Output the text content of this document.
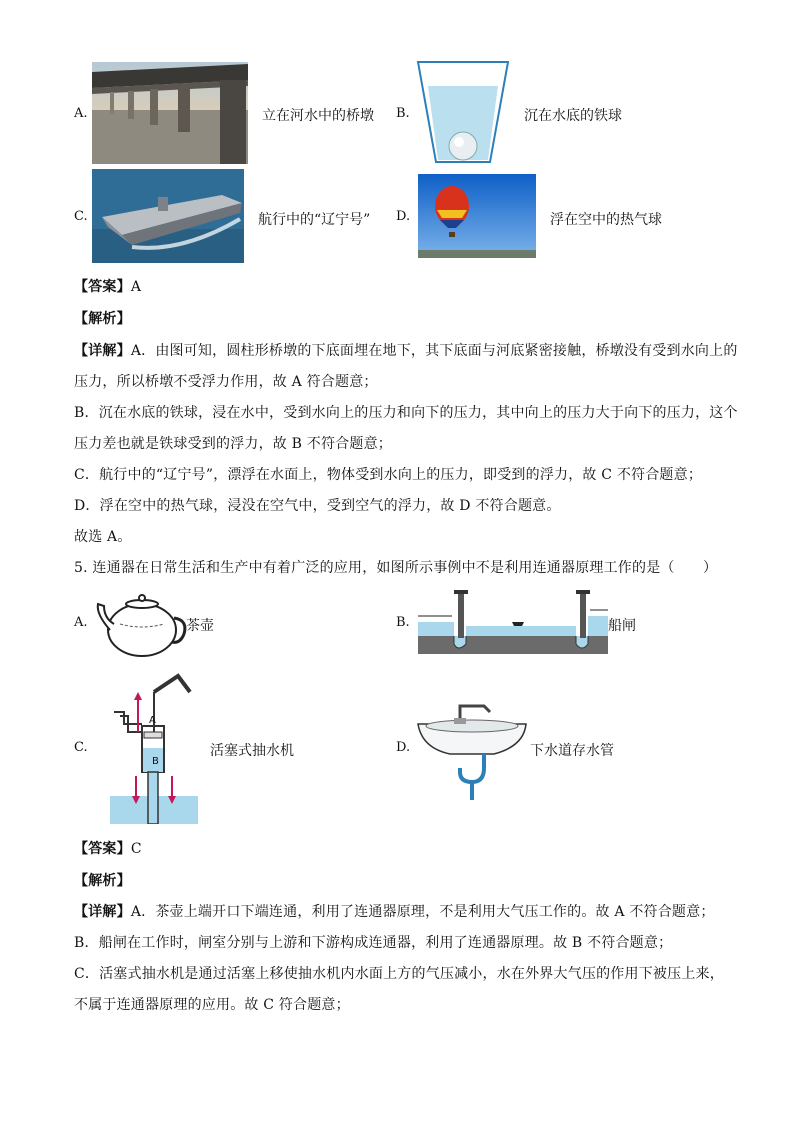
A.	立在河水中的桥墩 B.	沉在水底的铁球
C.	航行中的“辽宁号” D.	浮在空中的热气球
【答案】A
【解析】
【详解】A．由图可知，圆柱形桥墩的下底面埋在地下，其下底面与河底紧密接触，桥墩没有受到水向上的
压力，所以桥墩不受浮力作用，故 A 符合题意；
B．沉在水底的铁球，浸在水中，受到水向上的压力和向下的压力，其中向上的压力大于向下的压力，这个
压力差也就是铁球受到的浮力，故 B 不符合题意；
C．航行中的“辽宁号”，漂浮在水面上，物体受到水向上的压力，即受到的浮力，故 C 不符合题意；
D．浮在空中的热气球，浸没在空气中，受到空气的浮力，故 D 不符合题意。
故选 A。
5. 连通器在日常生活和生产中有着广泛的应用，如图所示事例中不是利用连通器原理工作的是（　　）
A.	茶壶	B.	船闸
C.
A
B
活塞式抽水机	D.	下水道存水管
【答案】C
【解析】
【详解】A．茶壶上端开口下端连通，利用了连通器原理，不是利用大气压工作的。故 A 不符合题意；
B．船闸在工作时，闸室分别与上游和下游构成连通器，利用了连通器原理。故 B 不符合题意；
C．活塞式抽水机是通过活塞上移使抽水机内水面上方的气压减小，水在外界大气压的作用下被压上来，
不属于连通器原理的应用。故 C 符合题意；
